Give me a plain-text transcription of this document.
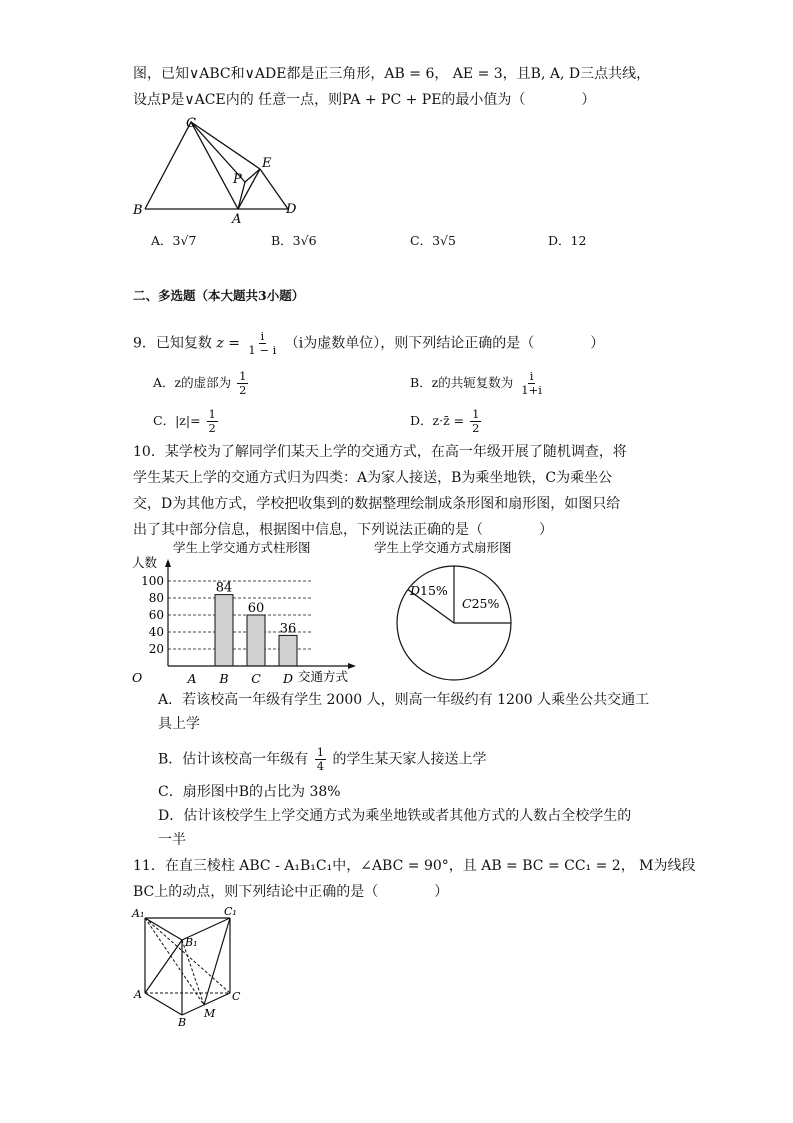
图，已知∨ABC和∨ADE都是正三角形，AB = 6， AE = 3，且B, A, D三点共线，
设点P是∨ACE内的 任意一点，则PA + PC + PE的最小值为（　　　　）
C
E
P
B
A
D
A．3√7	B．3√6	C．3√5	D．12
二、多选题（本大题共3小题）
9．已知复数 $z = \frac{i}{1 - i} (i$为虚数单位），则下列结论正确的是（　　　　）
A．z的虚部为 $\frac{1}{2}$	B．z的共轭复数为 $\frac{i}{1+i}$
C．$|z|= \frac{1}{2}$	D．z·z̄ = $\frac{1}{2}$
10．某学校为了解同学们某天上学的交通方式，在高一年级开展了随机调查，将
学生某天上学的交通方式归为四类：A为家人接送，B为乘坐地铁，C为乘坐公
交，D为其他方式，学校把收集到的数据整理绘制成条形图和扇形图，如图只给
出了其中部分信息，根据图中信息，下列说法正确的是（　　　　）
学生上学交通方式柱形图
人数
O	交通方式
84
60
36
20
40
60
80
100
A B C D
学生上学交通方式扇形图
D15%
C25%
A．若该校高一年级有学生 2000 人，则高一年级约有 1200 人乘坐公共交通工
具上学
B．估计该校高一年级有 $\frac{1}{4}$ 的学生某天家人接送上学
C．扇形图中B的占比为 38%
D．估计该校学生上学交通方式为乘坐地铁或者其他方式的人数占全校学生的
一半
11．在直三棱柱 ABC - A₁B₁C₁中，∠ABC = 90°，且 AB = BC = CC₁ = 2， M为线段
BC上的动点，则下列结论中正确的是（　　　　）
A₁	C₁
B₁
A	C
M
B
